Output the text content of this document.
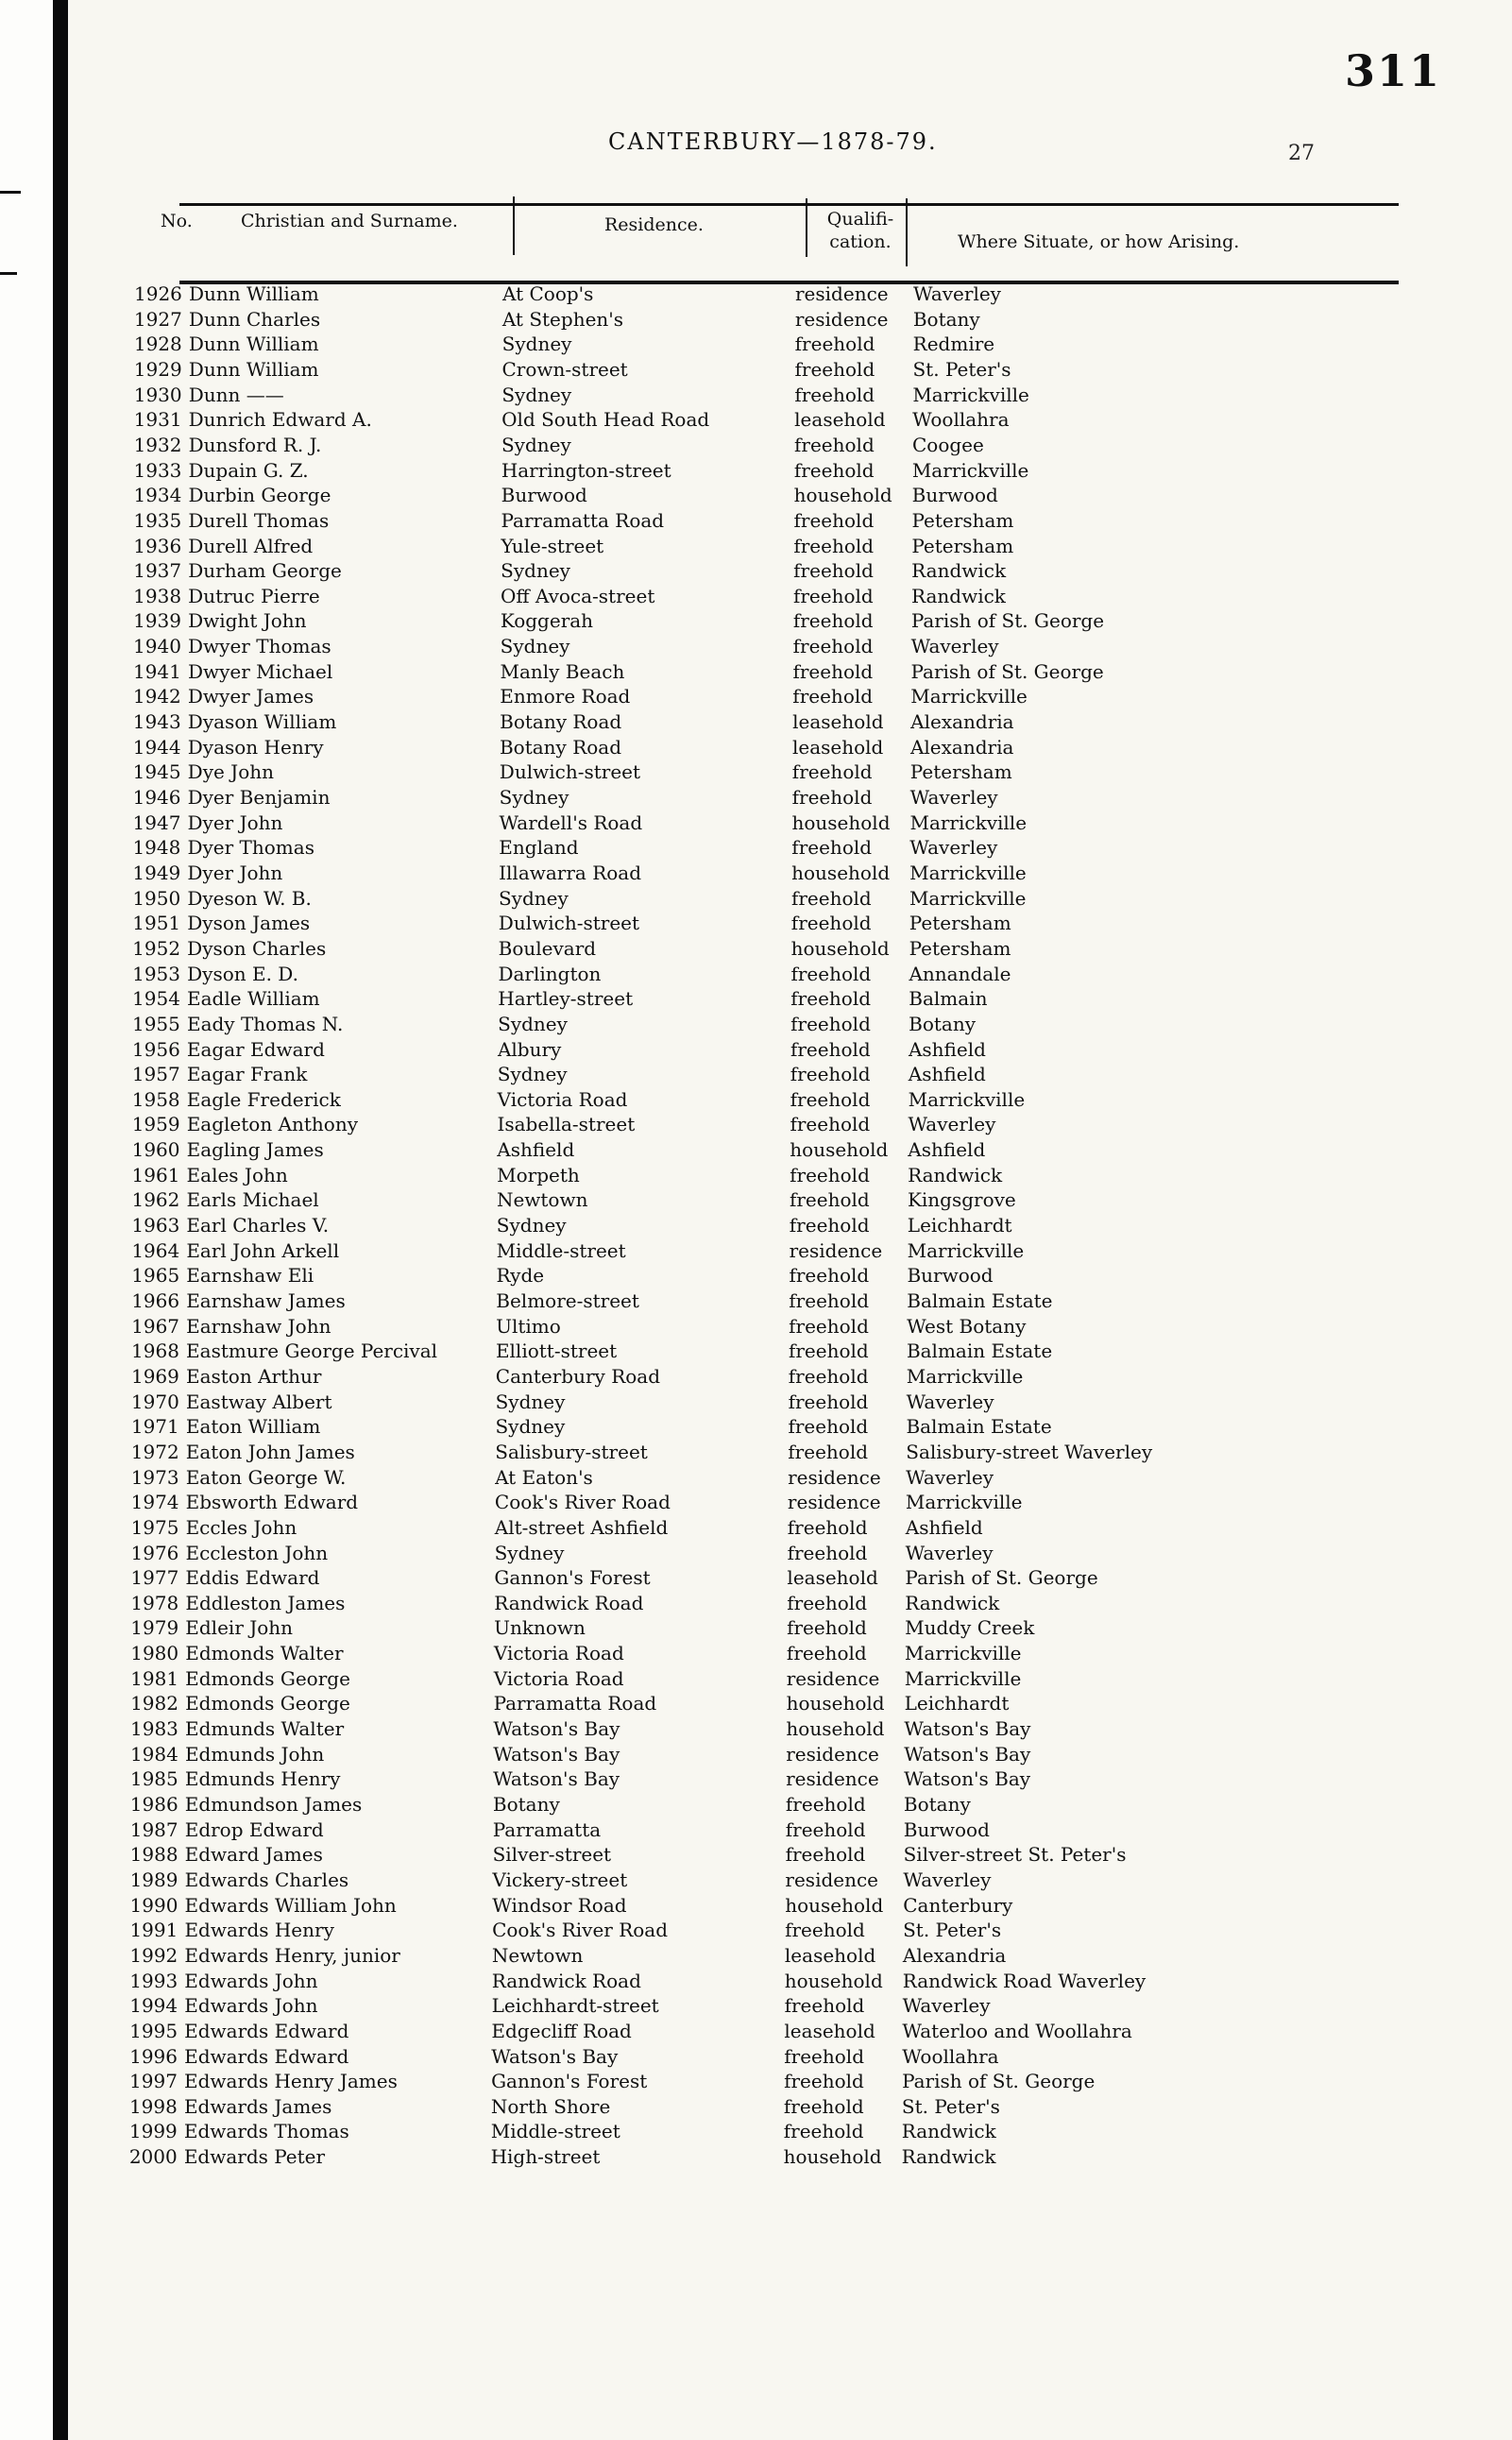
311
CANTERBURY—1878-79.	27
No.	Christian and Surname.	Residence.	Qualifi-
cation.	Where Situate, or how Arising.
1926 Dunn William	At Coop's	residence Waverley
1927 Dunn Charles	At Stephen's	residence Botany
1928 Dunn William	Sydney	freehold Redmire
1929 Dunn William	Crown-street	freehold St. Peter's
1930 Dunn ——	Sydney	freehold Marrickville
1931 Dunrich Edward A.	Old South Head Road	leasehold Woollahra
1932 Dunsford R. J.	Sydney	freehold Coogee
1933 Dupain G. Z.	Harrington-street	freehold Marrickville
1934 Durbin George	Burwood	household Burwood
1935 Durell Thomas	Parramatta Road	freehold Petersham
1936 Durell Alfred	Yule-street	freehold Petersham
1937 Durham George	Sydney	freehold Randwick
1938 Dutruc Pierre	Off Avoca-street	freehold Randwick
1939 Dwight John	Koggerah	freehold Parish of St. George
1940 Dwyer Thomas	Sydney	freehold Waverley
1941 Dwyer Michael	Manly Beach	freehold Parish of St. George
1942 Dwyer James	Enmore Road	freehold Marrickville
1943 Dyason William	Botany Road	leasehold Alexandria
1944 Dyason Henry	Botany Road	leasehold Alexandria
1945 Dye John	Dulwich-street	freehold Petersham
1946 Dyer Benjamin	Sydney	freehold Waverley
1947 Dyer John	Wardell's Road	household Marrickville
1948 Dyer Thomas	England	freehold Waverley
1949 Dyer John	Illawarra Road	household Marrickville
1950 Dyeson W. B.	Sydney	freehold Marrickville
1951 Dyson James	Dulwich-street	freehold Petersham
1952 Dyson Charles	Boulevard	household Petersham
1953 Dyson E. D.	Darlington	freehold Annandale
1954 Eadle William	Hartley-street	freehold Balmain
1955 Eady Thomas N.	Sydney	freehold Botany
1956 Eagar Edward	Albury	freehold Ashfield
1957 Eagar Frank	Sydney	freehold Ashfield
1958 Eagle Frederick	Victoria Road	freehold Marrickville
1959 Eagleton Anthony	Isabella-street	freehold Waverley
1960 Eagling James	Ashfield	household Ashfield
1961 Eales John	Morpeth	freehold Randwick
1962 Earls Michael	Newtown	freehold Kingsgrove
1963 Earl Charles V.	Sydney	freehold Leichhardt
1964 Earl John Arkell	Middle-street	residence Marrickville
1965 Earnshaw Eli	Ryde	freehold Burwood
1966 Earnshaw James	Belmore-street	freehold Balmain Estate
1967 Earnshaw John	Ultimo	freehold West Botany
1968 Eastmure George Percival	Elliott-street	freehold Balmain Estate
1969 Easton Arthur	Canterbury Road	freehold Marrickville
1970 Eastway Albert	Sydney	freehold Waverley
1971 Eaton William	Sydney	freehold Balmain Estate
1972 Eaton John James	Salisbury-street	freehold Salisbury-street Waverley
1973 Eaton George W.	At Eaton's	residence Waverley
1974 Ebsworth Edward	Cook's River Road	residence Marrickville
1975 Eccles John	Alt-street Ashfield	freehold Ashfield
1976 Eccleston John	Sydney	freehold Waverley
1977 Eddis Edward	Gannon's Forest	leasehold Parish of St. George
1978 Eddleston James	Randwick Road	freehold Randwick
1979 Edleir John	Unknown	freehold Muddy Creek
1980 Edmonds Walter	Victoria Road	freehold Marrickville
1981 Edmonds George	Victoria Road	residence Marrickville
1982 Edmonds George	Parramatta Road	household Leichhardt
1983 Edmunds Walter	Watson's Bay	household Watson's Bay
1984 Edmunds John	Watson's Bay	residence Watson's Bay
1985 Edmunds Henry	Watson's Bay	residence Watson's Bay
1986 Edmundson James	Botany	freehold Botany
1987 Edrop Edward	Parramatta	freehold Burwood
1988 Edward James	Silver-street	freehold Silver-street St. Peter's
1989 Edwards Charles	Vickery-street	residence Waverley
1990 Edwards William John	Windsor Road	household Canterbury
1991 Edwards Henry	Cook's River Road	freehold St. Peter's
1992 Edwards Henry, junior	Newtown	leasehold Alexandria
1993 Edwards John	Randwick Road	household Randwick Road Waverley
1994 Edwards John	Leichhardt-street	freehold Waverley
1995 Edwards Edward	Edgecliff Road	leasehold Waterloo and Woollahra
1996 Edwards Edward	Watson's Bay	freehold Woollahra
1997 Edwards Henry James	Gannon's Forest	freehold Parish of St. George
1998 Edwards James	North Shore	freehold St. Peter's
1999 Edwards Thomas	Middle-street	freehold Randwick
2000 Edwards Peter	High-street	household Randwick
